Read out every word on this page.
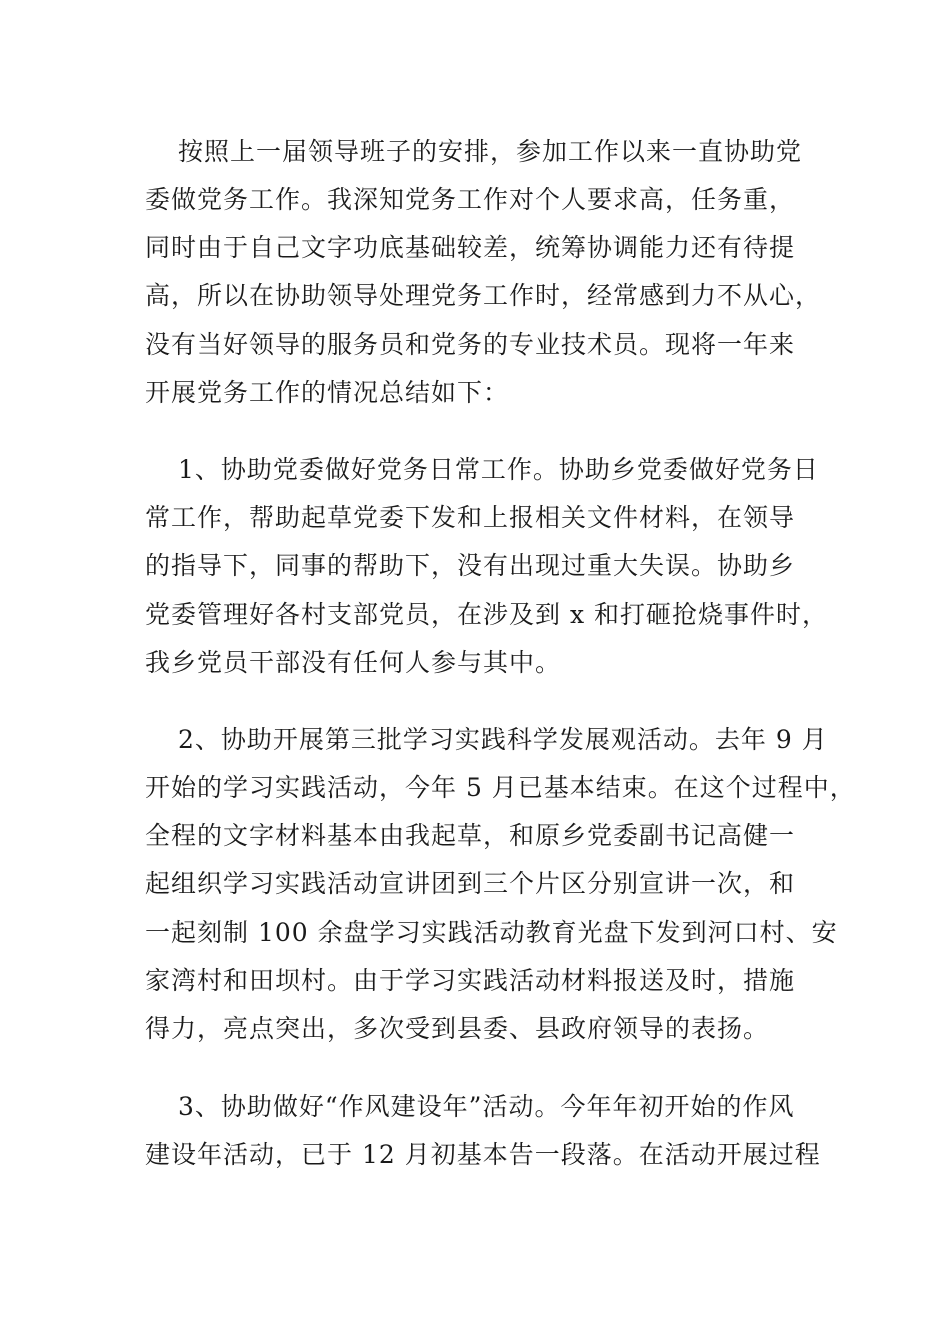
按照上一届领导班子的安排，参加工作以来一直协助党
委做党务工作。我深知党务工作对个人要求高，任务重，
同时由于自己文字功底基础较差，统筹协调能力还有待提
高，所以在协助领导处理党务工作时，经常感到力不从心，
没有当好领导的服务员和党务的专业技术员。现将一年来
开展党务工作的情况总结如下：
1、协助党委做好党务日常工作。协助乡党委做好党务日
常工作，帮助起草党委下发和上报相关文件材料，在领导
的指导下，同事的帮助下，没有出现过重大失误。协助乡
党委管理好各村支部党员，在涉及到 x 和打砸抢烧事件时，
我乡党员干部没有任何人参与其中。
2、协助开展第三批学习实践科学发展观活动。去年 9 月
开始的学习实践活动，今年 5 月已基本结束。在这个过程中，
全程的文字材料基本由我起草，和原乡党委副书记高健一
起组织学习实践活动宣讲团到三个片区分别宣讲一次，和
一起刻制 100 余盘学习实践活动教育光盘下发到河口村、安
家湾村和田坝村。由于学习实践活动材料报送及时，措施
得力，亮点突出，多次受到县委、县政府领导的表扬。
3、协助做好“作风建设年”活动。今年年初开始的作风
建设年活动，已于 12 月初基本告一段落。在活动开展过程
